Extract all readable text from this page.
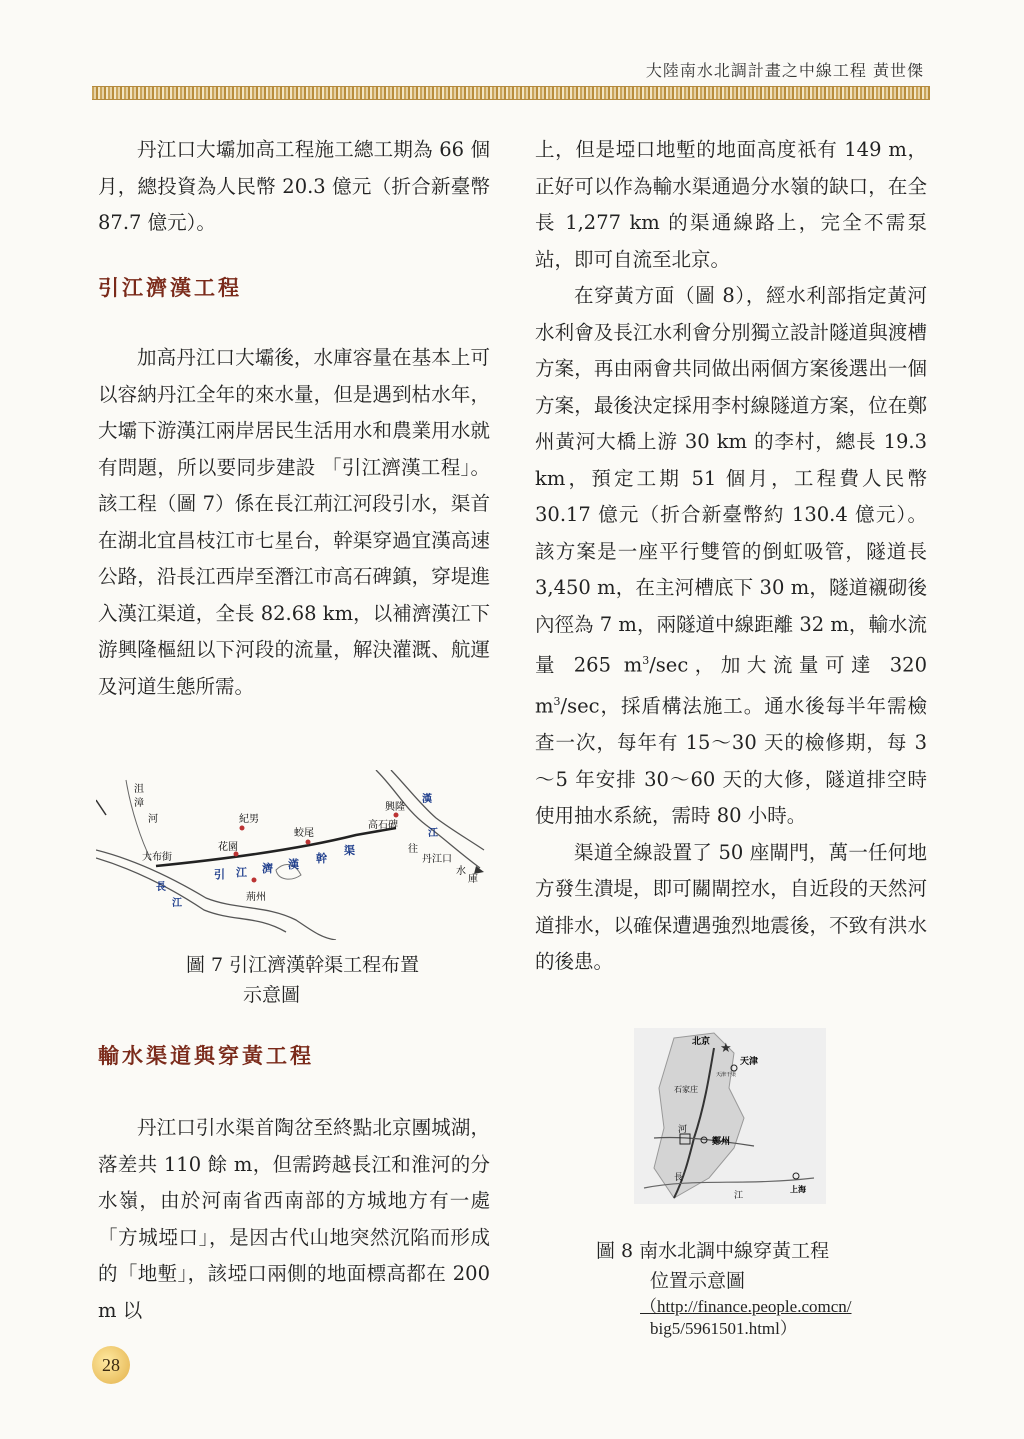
大陸南水北調計畫之中線工程 黃世傑

丹江口大壩加高工程施工總工期為 66 個月，總投資為人民幣 20.3 億元（折合新臺幣 87.7 億元）。

引江濟漢工程

加高丹江口大壩後，水庫容量在基本上可以容納丹江全年的來水量，但是遇到枯水年，大壩下游漢江兩岸居民生活用水和農業用水就有問題，所以要同步建設 「引江濟漢工程」。該工程（圖 7）係在長江荊江河段引水，渠首在湖北宜昌枝江市七星台，幹渠穿過宜漢高速公路，沿長江西岸至潛江市高石碑鎮，穿堤進入漢江渠道，全長 82.68 km，以補濟漢江下游興隆樞紐以下河段的流量，解決灌溉、航運及河道生態所需。

沮
漳
河	紀男
蛟尾
興隆
高石碑
漢
江
大布街
花園
引 江 濟 漢 幹
渠	往
丹江口
水
庫
荊州
長
江
圖 7 引江濟漢幹渠工程布置
示意圖
輸水渠道與穿黃工程

丹江口引水渠首陶岔至終點北京團城湖，落差共 110 餘 m，但需跨越長江和淮河的分水嶺，由於河南省西南部的方城地方有一處「方城埡口」，是因古代山地突然沉陷而形成的「地塹」，該埡口兩側的地面標高都在 200 m 以

上，但是埡口地塹的地面高度祇有 149 m，正好可以作為輸水渠通過分水嶺的缺口，在全長 1,277 km 的渠通線路上，完全不需泵站，即可自流至北京。

在穿黃方面（圖 8），經水利部指定黃河水利會及長江水利會分別獨立設計隧道與渡槽方案，再由兩會共同做出兩個方案後選出一個方案，最後決定採用李村線隧道方案，位在鄭州黃河大橋上游 30 km 的李村，總長 19.3 km，預定工期 51 個月，工程費人民幣 30.17 億元（折合新臺幣約 130.4 億元）。該方案是一座平行雙管的倒虹吸管，隧道長 3,450 m，在主河槽底下 30 m，隧道襯砌後內徑為 7 m，兩隧道中線距離 32 m，輸水流量 265 $m^3/\sec$，加大流量可達 320 $m^3/\sec$，採盾構法施工。通水後每半年需檢查一次，每年有 15～30 天的檢修期，每 3～5 年安排 30～60 天的大修，隧道排空時使用抽水系統，需時 80 小時。

渠道全線設置了 50 座閘門，萬一任何地方發生潰堤，即可關閘控水，自近段的天然河道排水，以確保遭遇強烈地震後，不致有洪水的後患。

★
北京
天津
天津干渠
石家庄
河
鄭州
長
江
上海
圖 8 南水北調中線穿黃工程
位置示意圖
（http://finance.people.comcn/
big5/5961501.html）
28
